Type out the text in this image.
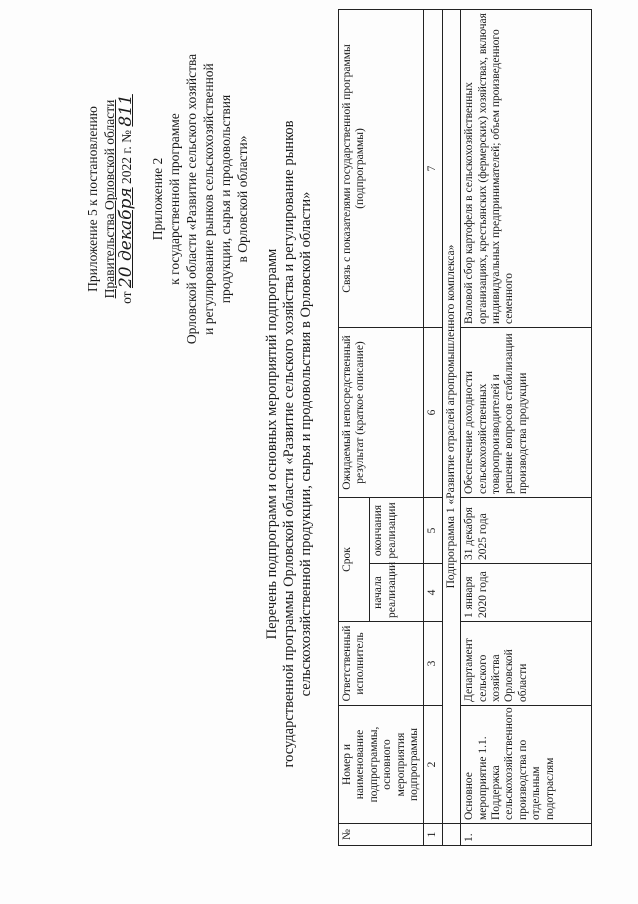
Приложение 5 к постановлению Правительства Орловской области от 20 декабря 2022 г. № 811
Приложение 2 к государственной программе Орловской области «Развитие сельского хозяйства и регулирование рынков сельскохозяйственной продукции, сырья и продовольствия в Орловской области»
Перечень подпрограмм и основных мероприятий подпрограмм государственной программы Орловской области «Развитие сельского хозяйства и регулирование рынков сельскохозяйственной продукции, сырья и продовольствия в Орловской области»
№	Номер и наименование подпрограммы, основного мероприятия подпрограммы	Ответственный исполнитель	Срок		Ожидаемый непосредственный результат (краткое описание)	Связь с показателями государственной программы (подпрограммы)
			начала реализации	окончания реализации		
1	2	3	4	5	6	7
	Подпрограмма 1 «Развитие отраслей агропромышленного комплекса»					
1.	Основное мероприятие 1.1. Поддержка сельскохозяйственного производства по отдельным подотраслям	Департамент сельского хозяйства Орловской области	1 января 2020 года	31 декабря 2025 года	Обеспечение доходности сельскохозяйственных товаропроизводителей и решение вопросов стабилизации производства продукции	Валовой сбор картофеля в сельскохозяйственных организациях, крестьянских (фермерских) хозяйствах, включая индивидуальных предпринимателей; объем произведенного семенного
